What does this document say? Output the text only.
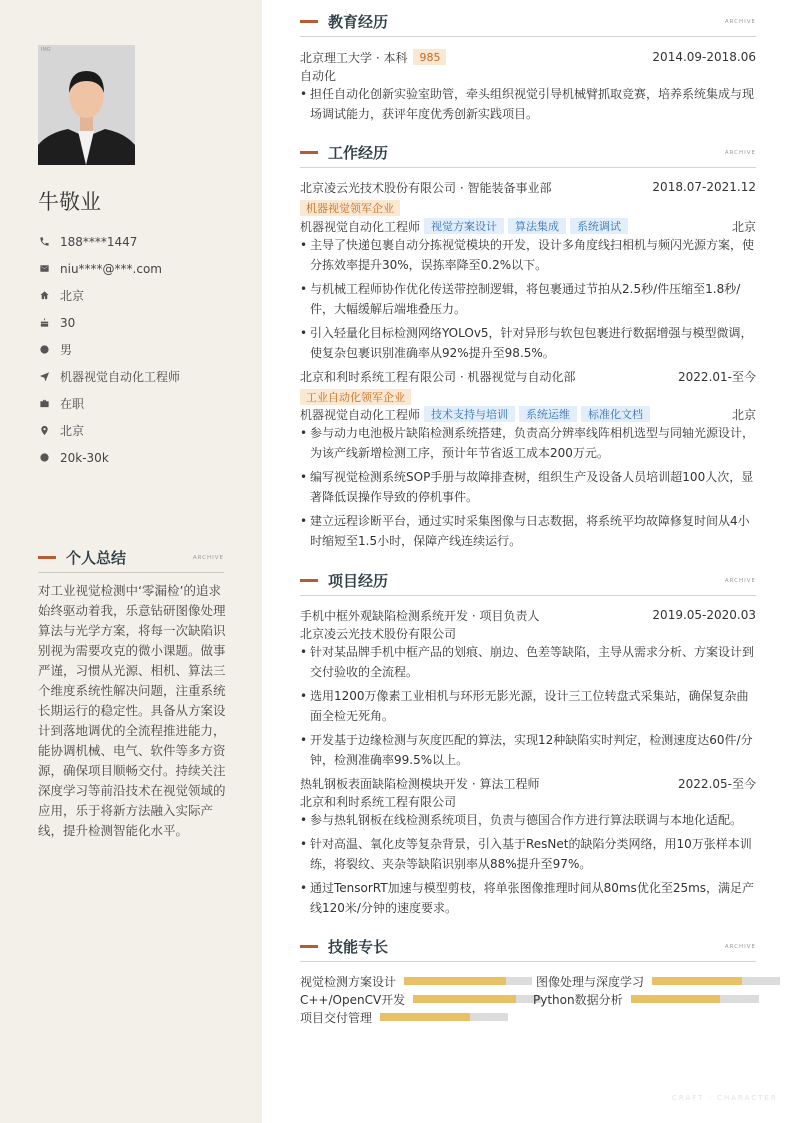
IMG
牛敬业
188****1447
niu****@***.com
北京
30
男
机器视觉自动化工程师
在职
北京
20k-30k
个人总结	ARCHIVE
对工业视觉检测中‘零漏检’的追求始终驱动着我，乐意钻研图像处理算法与光学方案，将每一次缺陷识别视为需要攻克的微小课题。做事严谨，习惯从光源、相机、算法三个维度系统性解决问题，注重系统长期运行的稳定性。具备从方案设计到落地调优的全流程推进能力，能协调机械、电气、软件等多方资源，确保项目顺畅交付。持续关注深度学习等前沿技术在视觉领域的应用，乐于将新方法融入实际产线，提升检测智能化水平。
教育经历	ARCHIVE
北京理工大学 · 本科	985	2014.09-2018.06
自动化
• 担任自动化创新实验室助管，牵头组织视觉引导机械臂抓取竞赛，培养系统集成与现场调试能力，获评年度优秀创新实践项目。
工作经历	ARCHIVE
北京凌云光技术股份有限公司 · 智能装备事业部	2018.07-2021.12
机器视觉领军企业
机器视觉自动化工程师	视觉方案设计	算法集成	系统调试	北京
• 主导了快递包裹自动分拣视觉模块的开发，设计多角度线扫相机与频闪光源方案，使分拣效率提升30%，误拣率降至0.2%以下。
• 与机械工程师协作优化传送带控制逻辑，将包裹通过节拍从2.5秒/件压缩至1.8秒/件，大幅缓解后端堆叠压力。
• 引入轻量化目标检测网络YOLOv5，针对异形与软包包裹进行数据增强与模型微调，使复杂包裹识别准确率从92%提升至98.5%。
北京和利时系统工程有限公司 · 机器视觉与自动化部	2022.01-至今
工业自动化领军企业
机器视觉自动化工程师	技术支持与培训	系统运维	标准化文档	北京
• 参与动力电池极片缺陷检测系统搭建，负责高分辨率线阵相机选型与同轴光源设计，为该产线新增检测工序，预计年节省返工成本200万元。
• 编写视觉检测系统SOP手册与故障排查树，组织生产及设备人员培训超100人次，显著降低误操作导致的停机事件。
• 建立远程诊断平台，通过实时采集图像与日志数据，将系统平均故障修复时间从4小时缩短至1.5小时，保障产线连续运行。
项目经历	ARCHIVE
手机中框外观缺陷检测系统开发 · 项目负责人	2019.05-2020.03
北京凌云光技术股份有限公司
• 针对某品牌手机中框产品的划痕、崩边、色差等缺陷，主导从需求分析、方案设计到交付验收的全流程。
• 选用1200万像素工业相机与环形无影光源，设计三工位转盘式采集站，确保复杂曲面全检无死角。
• 开发基于边缘检测与灰度匹配的算法，实现12种缺陷实时判定，检测速度达60件/分钟，检测准确率99.5%以上。
热轧钢板表面缺陷检测模块开发 · 算法工程师	2022.05-至今
北京和利时系统工程有限公司
• 参与热轧钢板在线检测系统项目，负责与德国合作方进行算法联调与本地化适配。
• 针对高温、氧化皮等复杂背景，引入基于ResNet的缺陷分类网络，用10万张样本训练，将裂纹、夹杂等缺陷识别率从88%提升至97%。
• 通过TensorRT加速与模型剪枝，将单张图像推理时间从80ms优化至25ms，满足产线120米/分钟的速度要求。
技能专长	ARCHIVE
视觉检测方案设计	图像处理与深度学习
C++/OpenCV开发	Python数据分析
项目交付管理
CRAFT · CHARACTER
